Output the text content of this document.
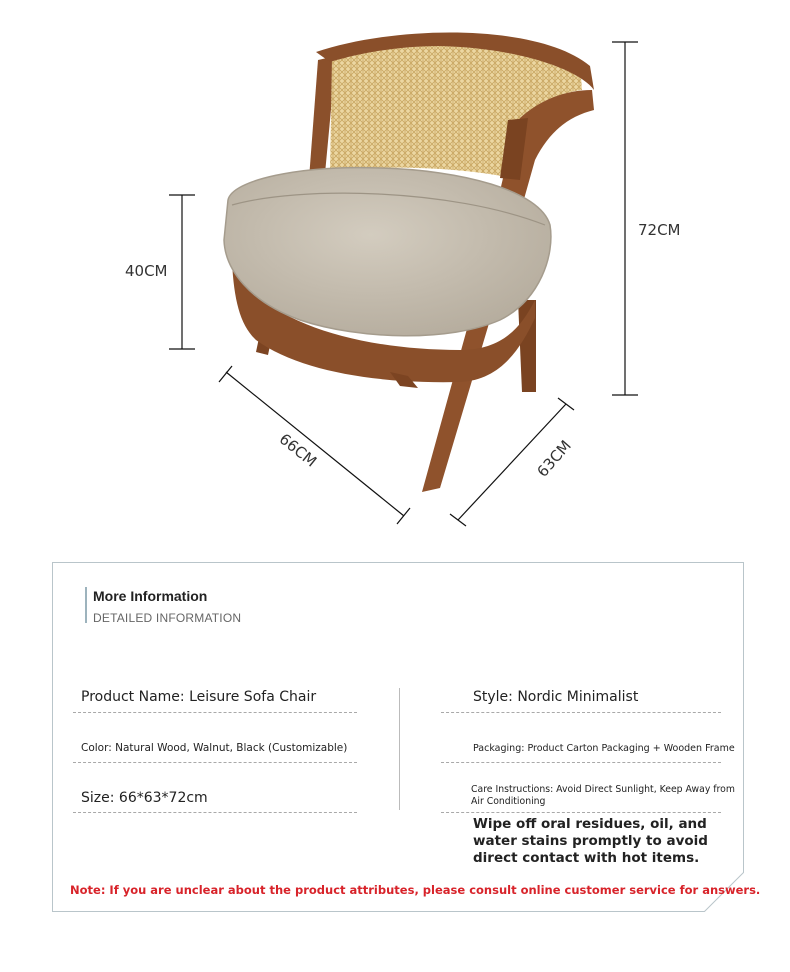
72CM
40CM
66CM	63CM
More Information
DETAILED INFORMATION
Product Name: Leisure Sofa Chair
Color: Natural Wood, Walnut, Black (Customizable)
Size: 66*63*72cm
Style: Nordic Minimalist
Packaging: Product Carton Packaging + Wooden Frame
Care Instructions: Avoid Direct Sunlight, Keep Away from Air Conditioning
Wipe off oral residues, oil, and water stains promptly to avoid direct contact with hot items.
Note: If you are unclear about the product attributes, please consult online customer service for answers.
